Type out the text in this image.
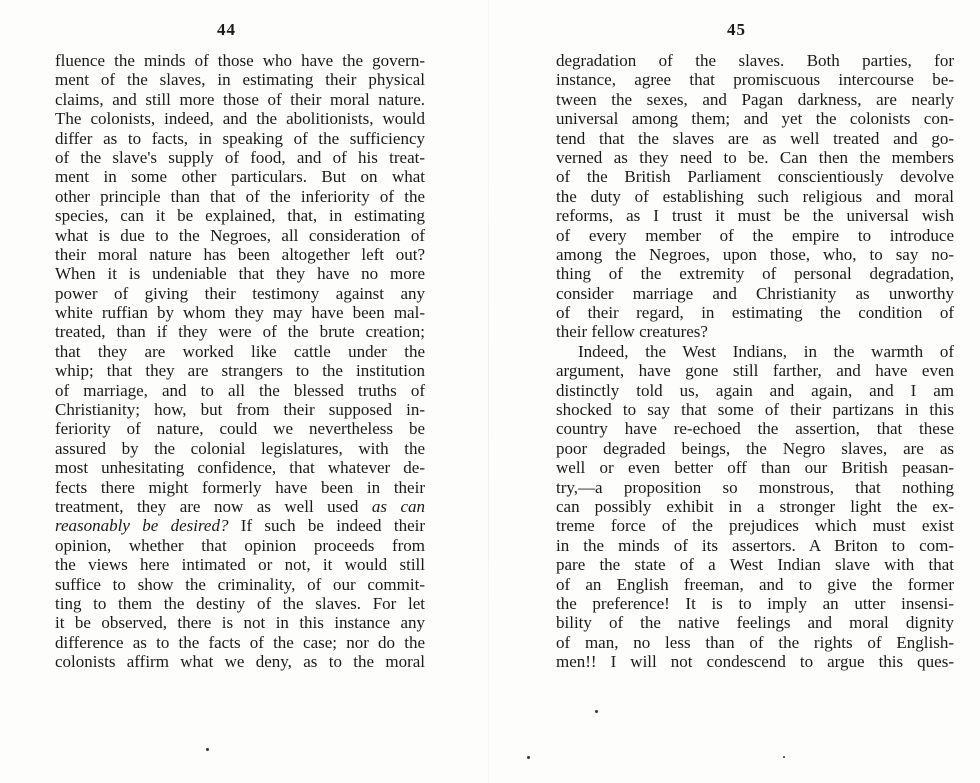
44
fluence the minds of those who have the govern-
ment of the slaves, in estimating their physical
claims, and still more those of their moral nature.
The colonists, indeed, and the abolitionists, would
differ as to facts, in speaking of the sufficiency
of the slave's supply of food, and of his treat-
ment in some other particulars. But on what
other principle than that of the inferiority of the
species, can it be explained, that, in estimating
what is due to the Negroes, all consideration of
their moral nature has been altogether left out?
When it is undeniable that they have no more
power of giving their testimony against any
white ruffian by whom they may have been mal-
treated, than if they were of the brute creation;
that they are worked like cattle under the
whip; that they are strangers to the institution
of marriage, and to all the blessed truths of
Christianity; how, but from their supposed in-
feriority of nature, could we nevertheless be
assured by the colonial legislatures, with the
most unhesitating confidence, that whatever de-
fects there might formerly have been in their
treatment, they are now as well used as can
reasonably be desired? If such be indeed their
opinion, whether that opinion proceeds from
the views here intimated or not, it would still
suffice to show the criminality, of our commit-
ting to them the destiny of the slaves. For let
it be observed, there is not in this instance any
difference as to the facts of the case; nor do the
colonists affirm what we deny, as to the moral
45
degradation of the slaves. Both parties, for
instance, agree that promiscuous intercourse be-
tween the sexes, and Pagan darkness, are nearly
universal among them; and yet the colonists con-
tend that the slaves are as well treated and go-
verned as they need to be. Can then the members
of the British Parliament conscientiously devolve
the duty of establishing such religious and moral
reforms, as I trust it must be the universal wish
of every member of the empire to introduce
among the Negroes, upon those, who, to say no-
thing of the extremity of personal degradation,
consider marriage and Christianity as unworthy
of their regard, in estimating the condition of
their fellow creatures?
Indeed, the West Indians, in the warmth of
argument, have gone still farther, and have even
distinctly told us, again and again, and I am
shocked to say that some of their partizans in this
country have re-echoed the assertion, that these
poor degraded beings, the Negro slaves, are as
well or even better off than our British peasan-
try,—a proposition so monstrous, that nothing
can possibly exhibit in a stronger light the ex-
treme force of the prejudices which must exist
in the minds of its assertors. A Briton to com-
pare the state of a West Indian slave with that
of an English freeman, and to give the former
the preference! It is to imply an utter insensi-
bility of the native feelings and moral dignity
of man, no less than of the rights of English-
men!! I will not condescend to argue this ques-
